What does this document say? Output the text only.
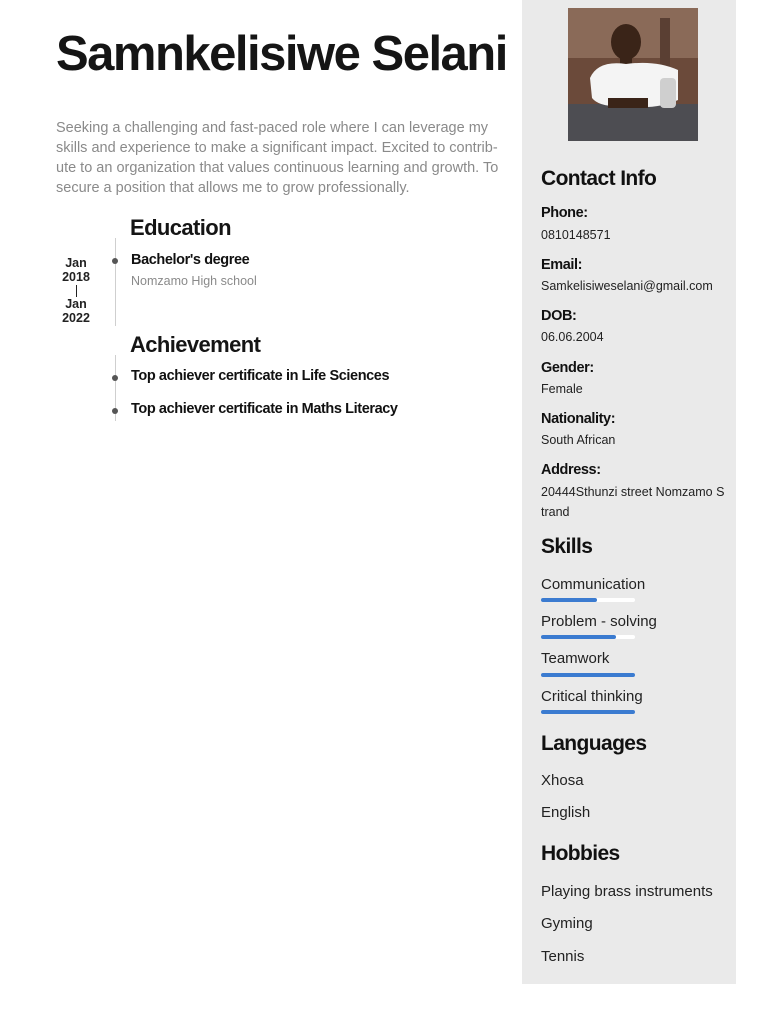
Samnkelisiwe Selani
Seeking a challenging and fast-paced role where I can leverage my skills and experience to make a significant impact. Excited to contrib-ute to an organization that values continuous learning and growth. To secure a position that allows me to grow professionally.
Education
Jan
2018
Jan
2022
Bachelor's degree
Nomzamo High school
Achievement
Top achiever certificate in Life Sciences
Top achiever certificate in Maths Literacy
Contact Info
Phone:
0810148571
Email:
Samkelisiweselani@gmail.com
DOB:
06.06.2004
Gender:
Female
Nationality:
South African
Address:
20444Sthunzi street Nomzamo Strand
Skills
Communication
Problem - solving
Teamwork
Critical thinking
Languages
Xhosa
English
Hobbies
Playing brass instruments
Gyming
Tennis
